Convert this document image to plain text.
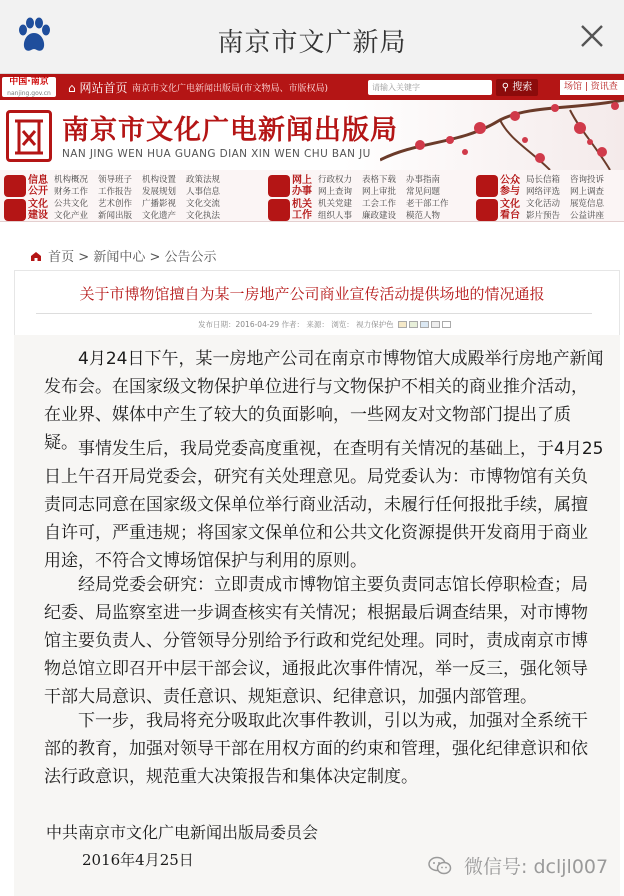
南京市文广新局
中国·南京
nanjing.gov.cn	⌂ 网站首页 南京市文化广电新闻出版局(市文物局、市版权局)	请输入关键字	⚲ 搜索	场馆 | 资讯查
南京市文化广电新闻出版局
NAN JING WEN HUA GUANG DIAN XIN WEN CHU BAN JU
信息公开
文化建设
机构概况 领导班子 机构设置 政策法规
财务工作 工作报告 发展规划 人事信息
公共文化 艺术创作 广播影视 文化交流
文化产业 新闻出版 文化遗产 文化执法
网上办事
机关工作
行政权力 表格下载 办事指南
网上查询 网上审批 常见问题
机关党建 工会工作 老干部工作
组织人事 廉政建设 模范人物
公众参与
文化看台
局长信箱 咨询投诉
网络评选 网上调查
文化活动 展览信息
影片预告 公益讲座
首页 > 新闻中心 > 公告公示
关于市博物馆擅自为某一房地产公司商业宣传活动提供场地的情况通报
发布日期：2016-04-29 作者： 来源： 浏览： 视力保护色
4月24日下午，某一房地产公司在南京市博物馆大成殿举行房地产新闻发布会。在国家级文物保护单位进行与文物保护不相关的商业推介活动，在业界、媒体中产生了较大的负面影响，一些网友对文物部门提出了质疑。 事情发生后，我局党委高度重视，在查明有关情况的基础上，于4月25日上午召开局党委会，研究有关处理意见。局党委认为：市博物馆有关负责同志同意在国家级文保单位举行商业活动，未履行任何报批手续，属擅自许可，严重违规；将国家文保单位和公共文化资源提供开发商用于商业用途，不符合文博场馆保护与利用的原则。
经局党委会研究：立即责成市博物馆主要负责同志馆长停职检查；局纪委、局监察室进一步调查核实有关情况；根据最后调查结果，对市博物馆主要负责人、分管领导分别给予行政和党纪处理。同时，责成南京市博物总馆立即召开中层干部会议，通报此次事件情况，举一反三，强化领导干部大局意识、责任意识、规矩意识、纪律意识，加强内部管理。
下一步，我局将充分吸取此次事件教训，引以为戒，加强对全系统干部的教育，加强对领导干部在用权方面的约束和管理，强化纪律意识和依法行政意识，规范重大决策报告和集体决定制度。
中共南京市文化广电新闻出版局委员会
2016年4月25日	微信号: dcljl007
